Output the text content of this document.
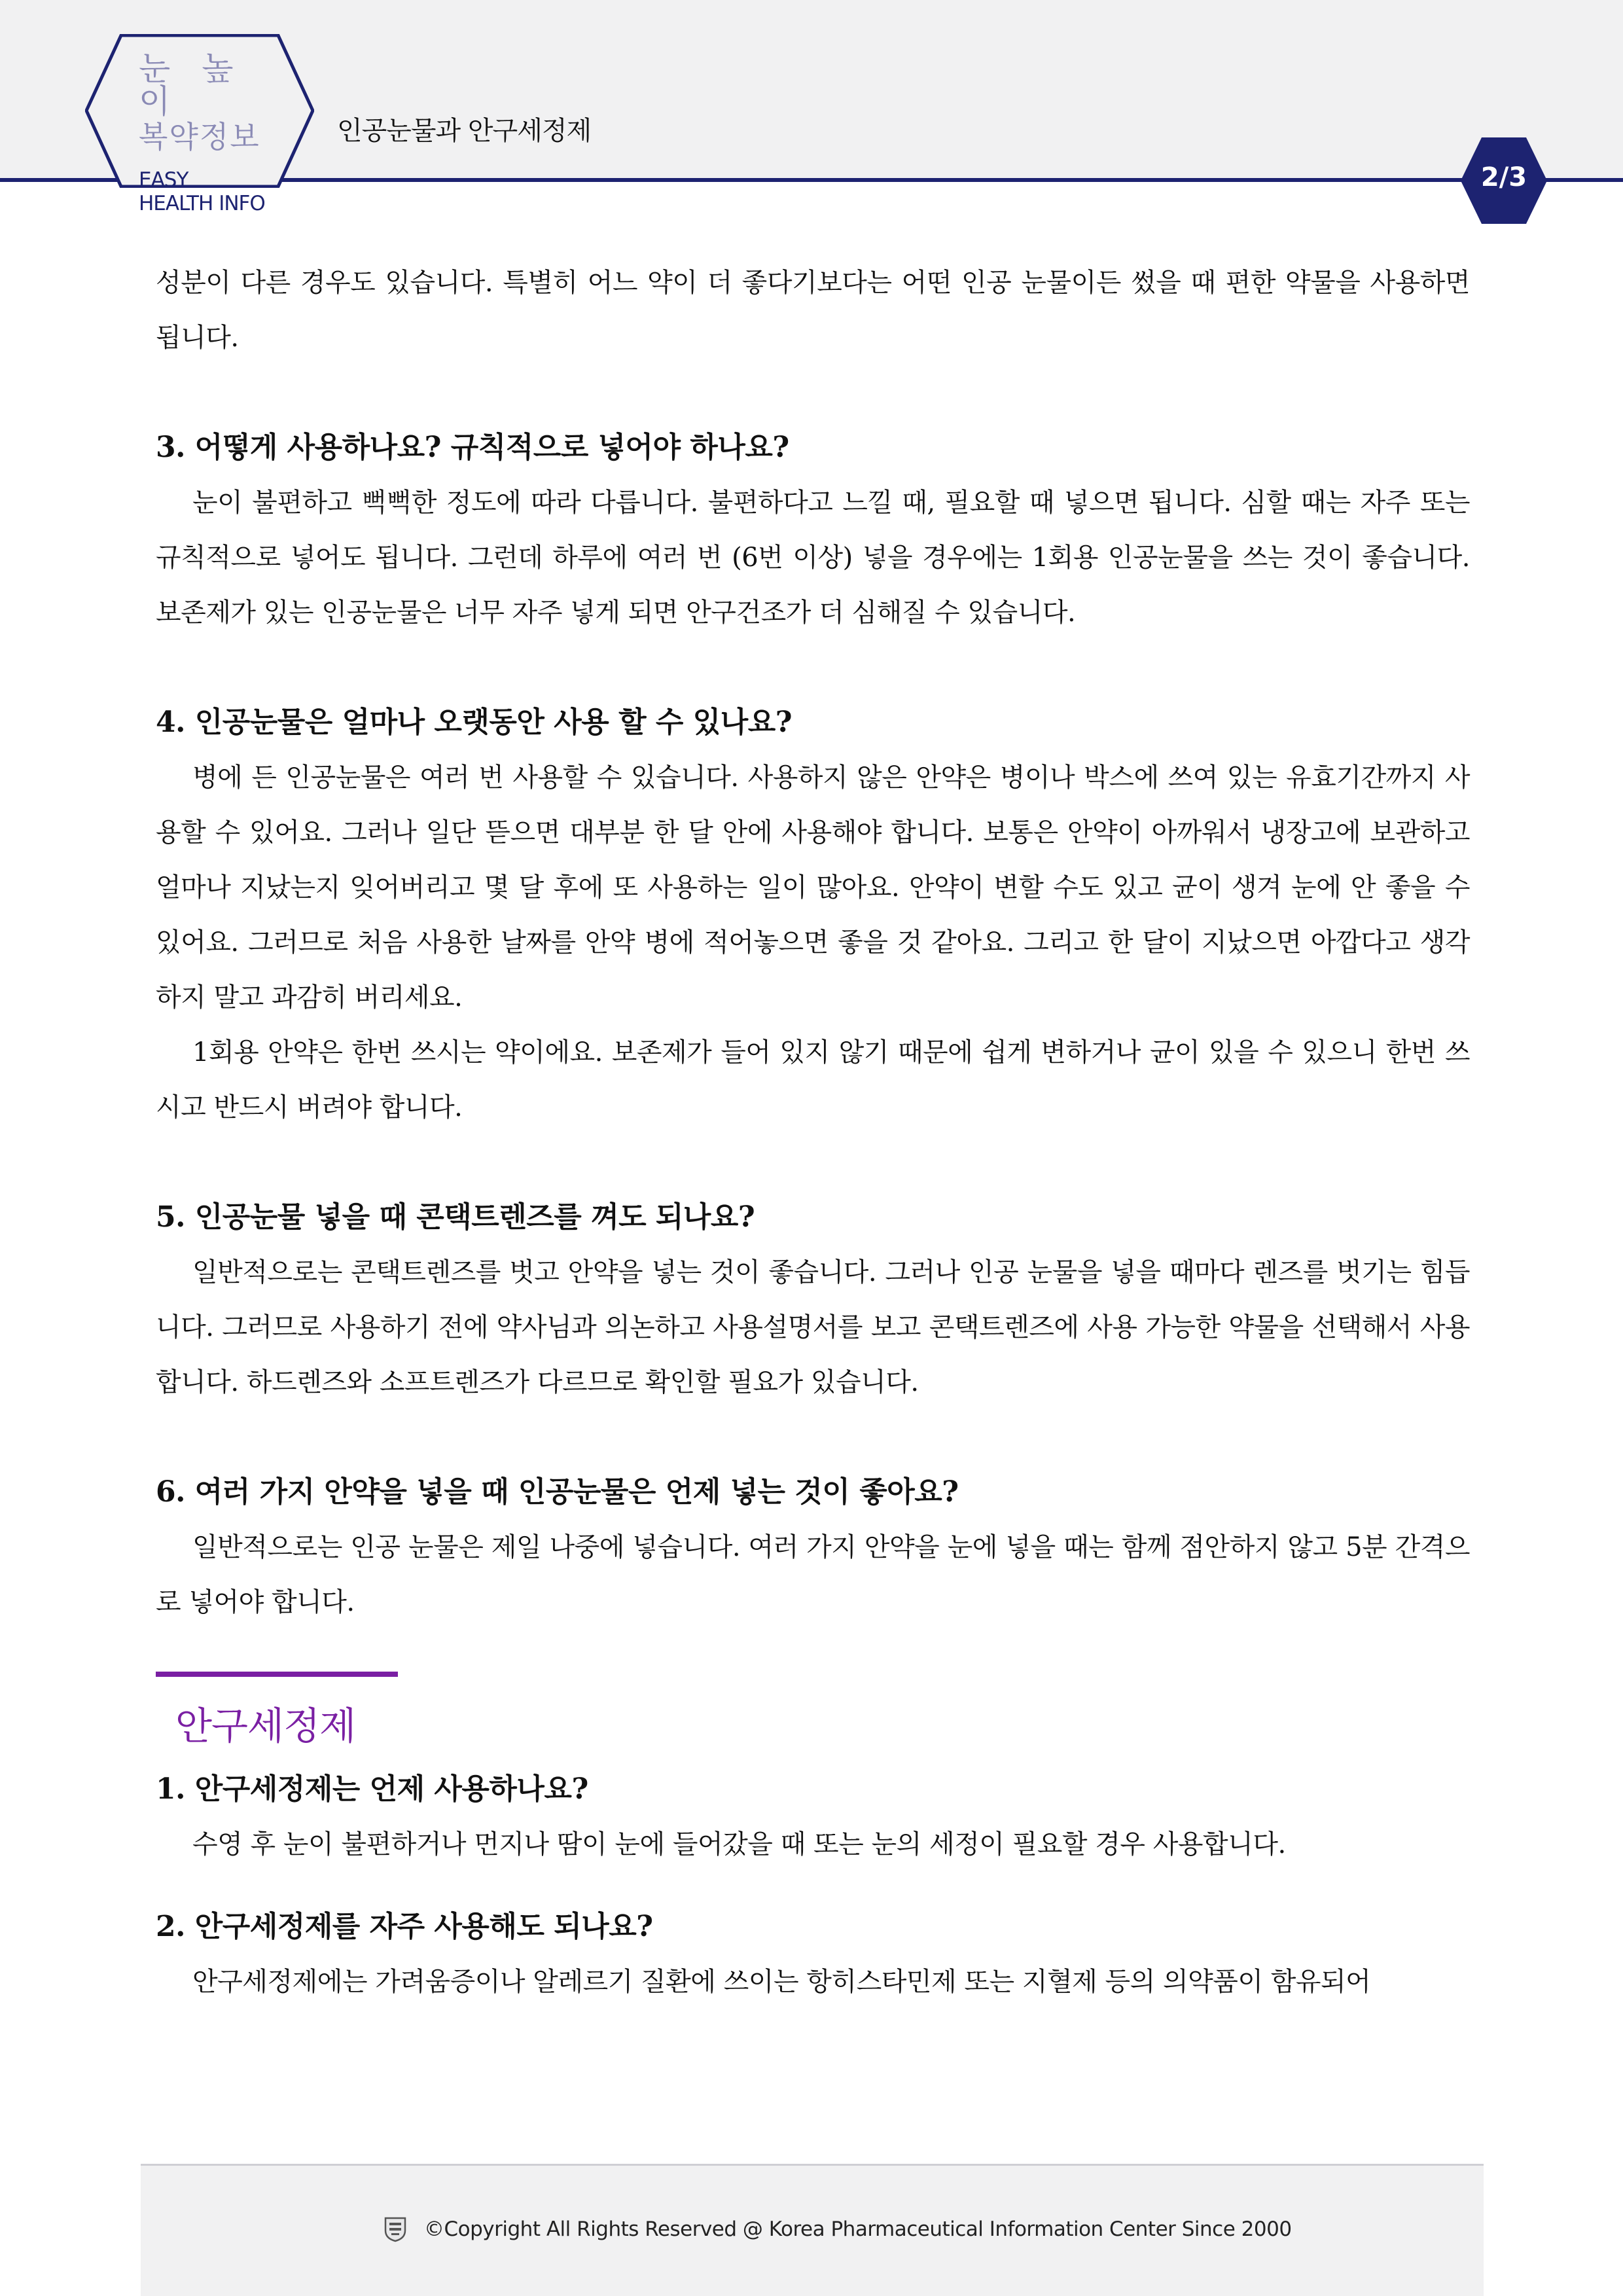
눈 높 이
복약정보
EASY
HEALTH INFO
인공눈물과 안구세정제
2/3

성분이 다른 경우도 있습니다. 특별히 어느 약이 더 좋다기보다는 어떤 인공 눈물이든 썼을 때 편한 약물을 사용하면 됩니다.

3. 어떻게 사용하나요? 규칙적으로 넣어야 하나요?

눈이 불편하고 뻑뻑한 정도에 따라 다릅니다. 불편하다고 느낄 때, 필요할 때 넣으면 됩니다. 심할 때는 자주 또는 규칙적으로 넣어도 됩니다. 그런데 하루에 여러 번 (6번 이상) 넣을 경우에는 1회용 인공눈물을 쓰는 것이 좋습니다. 보존제가 있는 인공눈물은 너무 자주 넣게 되면 안구건조가 더 심해질 수 있습니다.

4. 인공눈물은 얼마나 오랫동안 사용 할 수 있나요?

병에 든 인공눈물은 여러 번 사용할 수 있습니다. 사용하지 않은 안약은 병이나 박스에 쓰여 있는 유효기간까지 사용할 수 있어요. 그러나 일단 뜯으면 대부분 한 달 안에 사용해야 합니다. 보통은 안약이 아까워서 냉장고에 보관하고 얼마나 지났는지 잊어버리고 몇 달 후에 또 사용하는 일이 많아요. 안약이 변할 수도 있고 균이 생겨 눈에 안 좋을 수 있어요. 그러므로 처음 사용한 날짜를 안약 병에 적어놓으면 좋을 것 같아요. 그리고 한 달이 지났으면 아깝다고 생각하지 말고 과감히 버리세요.

1회용 안약은 한번 쓰시는 약이에요. 보존제가 들어 있지 않기 때문에 쉽게 변하거나 균이 있을 수 있으니 한번 쓰시고 반드시 버려야 합니다.

5. 인공눈물 넣을 때 콘택트렌즈를 껴도 되나요?

일반적으로는 콘택트렌즈를 벗고 안약을 넣는 것이 좋습니다. 그러나 인공 눈물을 넣을 때마다 렌즈를 벗기는 힘듭니다. 그러므로 사용하기 전에 약사님과 의논하고 사용설명서를 보고 콘택트렌즈에 사용 가능한 약물을 선택해서 사용합니다. 하드렌즈와 소프트렌즈가 다르므로 확인할 필요가 있습니다.

6. 여러 가지 안약을 넣을 때 인공눈물은 언제 넣는 것이 좋아요?

일반적으로는 인공 눈물은 제일 나중에 넣습니다. 여러 가지 안약을 눈에 넣을 때는 함께 점안하지 않고 5분 간격으로 넣어야 합니다.

안구세정제

1. 안구세정제는 언제 사용하나요?

수영 후 눈이 불편하거나 먼지나 땀이 눈에 들어갔을 때 또는 눈의 세정이 필요할 경우 사용합니다.

2. 안구세정제를 자주 사용해도 되나요?

안구세정제에는 가려움증이나 알레르기 질환에 쓰이는 항히스타민제 또는 지혈제 등의 의약품이 함유되어

©Copyright All Rights Reserved @ Korea Pharmaceutical Information Center Since 2000
